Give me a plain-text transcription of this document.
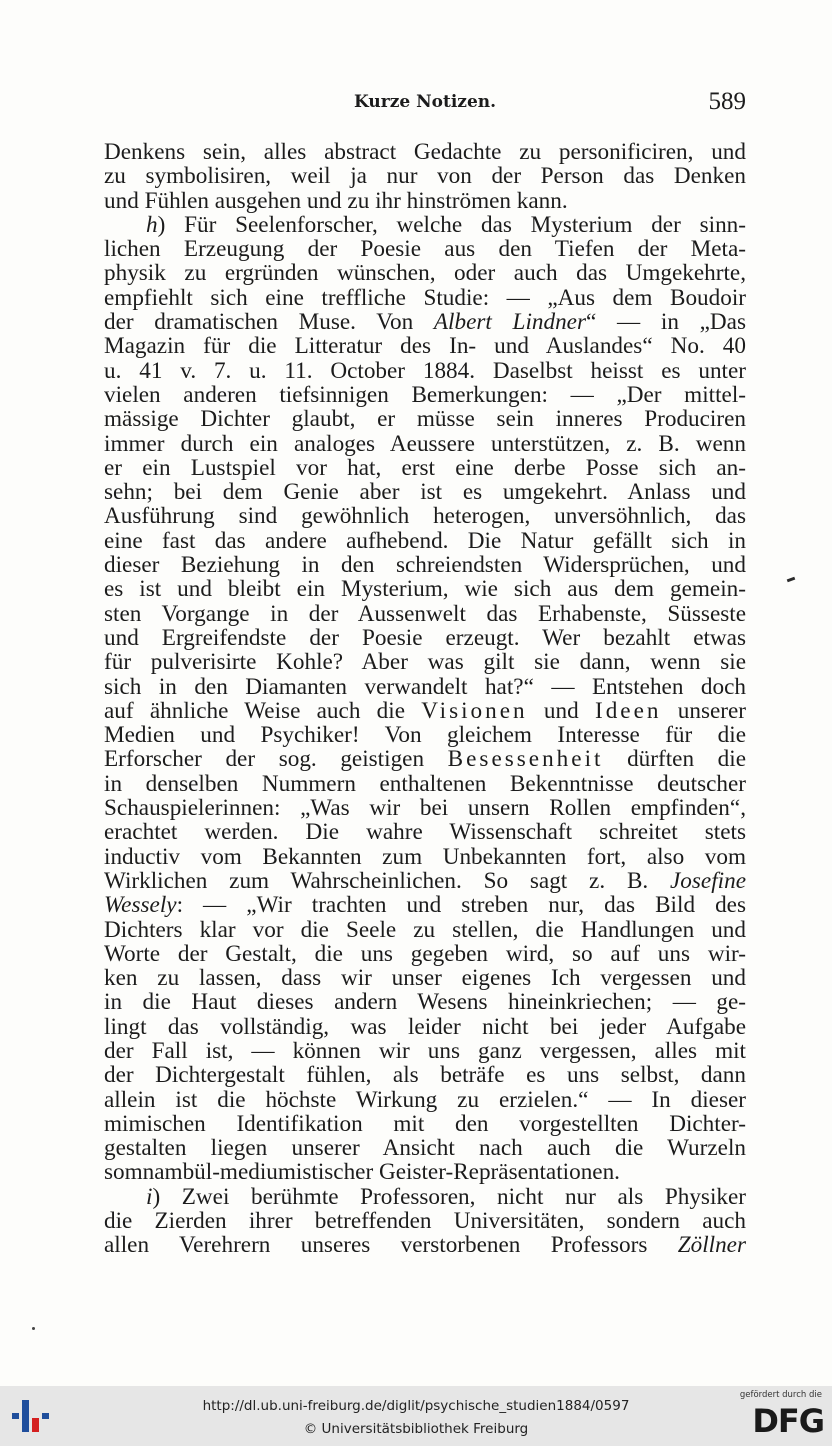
Kurze Notizen.	589
Denkens sein, alles abstract Gedachte zu personificiren, und
zu symbolisiren, weil ja nur von der Person das Denken
und Fühlen ausgehen und zu ihr hinströmen kann.
h) Für Seelenforscher, welche das Mysterium der sinn-
lichen Erzeugung der Poesie aus den Tiefen der Meta-
physik zu ergründen wünschen, oder auch das Umgekehrte,
empfiehlt sich eine treffliche Studie: — „Aus dem Boudoir
der dramatischen Muse. Von Albert Lindner“ — in „Das
Magazin für die Litteratur des In- und Auslandes“ No. 40
u. 41 v. 7. u. 11. October 1884. Daselbst heisst es unter
vielen anderen tiefsinnigen Bemerkungen: — „Der mittel-
mässige Dichter glaubt, er müsse sein inneres Produciren
immer durch ein analoges Aeussere unterstützen, z. B. wenn
er ein Lustspiel vor hat, erst eine derbe Posse sich an-
sehn; bei dem Genie aber ist es umgekehrt. Anlass und
Ausführung sind gewöhnlich heterogen, unversöhnlich, das
eine fast das andere aufhebend. Die Natur gefällt sich in
dieser Beziehung in den schreiendsten Widersprüchen, und
es ist und bleibt ein Mysterium, wie sich aus dem gemein-
sten Vorgange in der Aussenwelt das Erhabenste, Süsseste
und Ergreifendste der Poesie erzeugt. Wer bezahlt etwas
für pulverisirte Kohle? Aber was gilt sie dann, wenn sie
sich in den Diamanten verwandelt hat?“ — Entstehen doch
auf ähnliche Weise auch die Visionen und Ideen unserer
Medien und Psychiker! Von gleichem Interesse für die
Erforscher der sog. geistigen Besessenheit dürften die
in denselben Nummern enthaltenen Bekenntnisse deutscher
Schauspielerinnen: „Was wir bei unsern Rollen empfinden“,
erachtet werden. Die wahre Wissenschaft schreitet stets
inductiv vom Bekannten zum Unbekannten fort, also vom
Wirklichen zum Wahrscheinlichen. So sagt z. B. Josefine
Wessely: — „Wir trachten und streben nur, das Bild des
Dichters klar vor die Seele zu stellen, die Handlungen und
Worte der Gestalt, die uns gegeben wird, so auf uns wir-
ken zu lassen, dass wir unser eigenes Ich vergessen und
in die Haut dieses andern Wesens hineinkriechen; — ge-
lingt das vollständig, was leider nicht bei jeder Aufgabe
der Fall ist, — können wir uns ganz vergessen, alles mit
der Dichtergestalt fühlen, als beträfe es uns selbst, dann
allein ist die höchste Wirkung zu erzielen.“ — In dieser
mimischen Identifikation mit den vorgestellten Dichter-
gestalten liegen unserer Ansicht nach auch die Wurzeln
somnambül-mediumistischer Geister-Repräsentationen.
i) Zwei berühmte Professoren, nicht nur als Physiker
die Zierden ihrer betreffenden Universitäten, sondern auch
allen Verehrern unseres verstorbenen Professors Zöllner
http://dl.ub.uni-freiburg.de/diglit/psychische_studien1884/0597
© Universitätsbibliothek Freiburg
gefördert durch die
DFG
